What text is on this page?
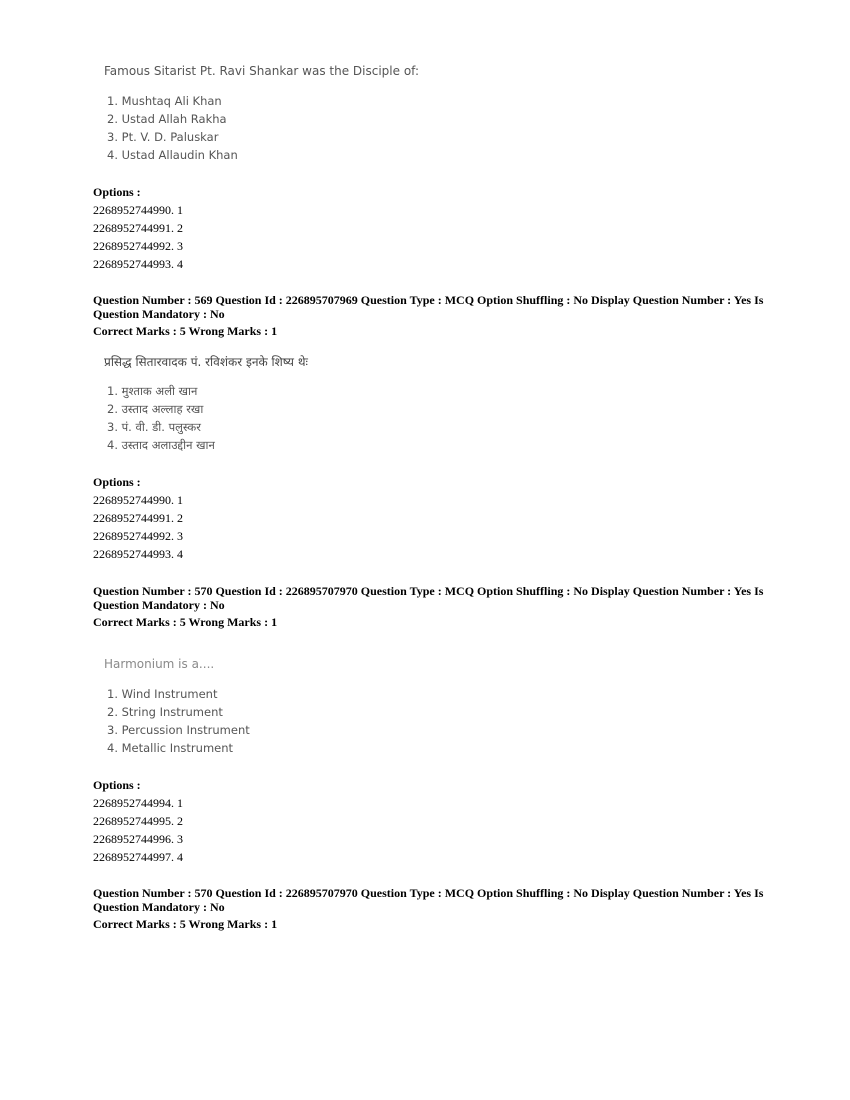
Famous Sitarist Pt. Ravi Shankar was the Disciple of:
1. Mushtaq Ali Khan
2. Ustad Allah Rakha
3. Pt. V. D. Paluskar
4. Ustad Allaudin Khan
Options :
2268952744990. 1
2268952744991. 2
2268952744992. 3
2268952744993. 4
Question Number : 569 Question Id : 226895707969 Question Type : MCQ Option Shuffling : No Display Question Number : Yes Is
Question Mandatory : No
Correct Marks : 5 Wrong Marks : 1
प्रसिद्ध सितारवादक पं. रविशंकर इनके शिष्य थेः
1. मुश्ताक अली खान
2. उस्ताद अल्लाह रखा
3. पं. वी. डी. पलुस्कर
4. उस्ताद अलाउद्दीन खान
Options :
2268952744990. 1
2268952744991. 2
2268952744992. 3
2268952744993. 4
Question Number : 570 Question Id : 226895707970 Question Type : MCQ Option Shuffling : No Display Question Number : Yes Is
Question Mandatory : No
Correct Marks : 5 Wrong Marks : 1
Harmonium is a....
1. Wind Instrument
2. String Instrument
3. Percussion Instrument
4. Metallic Instrument
Options :
2268952744994. 1
2268952744995. 2
2268952744996. 3
2268952744997. 4
Question Number : 570 Question Id : 226895707970 Question Type : MCQ Option Shuffling : No Display Question Number : Yes Is
Question Mandatory : No
Correct Marks : 5 Wrong Marks : 1
